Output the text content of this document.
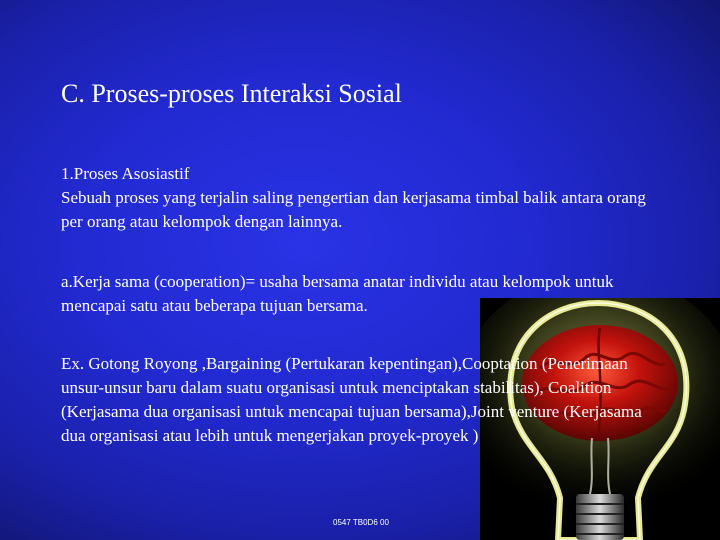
C. Proses-proses Interaksi Sosial

1.Proses Asosiastif
Sebuah proses yang terjalin saling pengertian dan kerjasama timbal balik antara orang per orang atau kelompok dengan lainnya.

a.Kerja sama (cooperation)= usaha bersama anatar individu atau kelompok untuk mencapai satu atau beberapa tujuan bersama.

Ex. Gotong Royong ,Bargaining (Pertukaran kepentingan),Cooptation (Penerimaan unsur-unsur baru dalam suatu organisasi untuk menciptakan stabilitas), Coalition (Kerjasama dua organisasi untuk mencapai tujuan bersama),Joint venture (Kerjasama dua organisasi atau lebih untuk mengerjakan proyek-proyek )

0547 TB0D6 00
